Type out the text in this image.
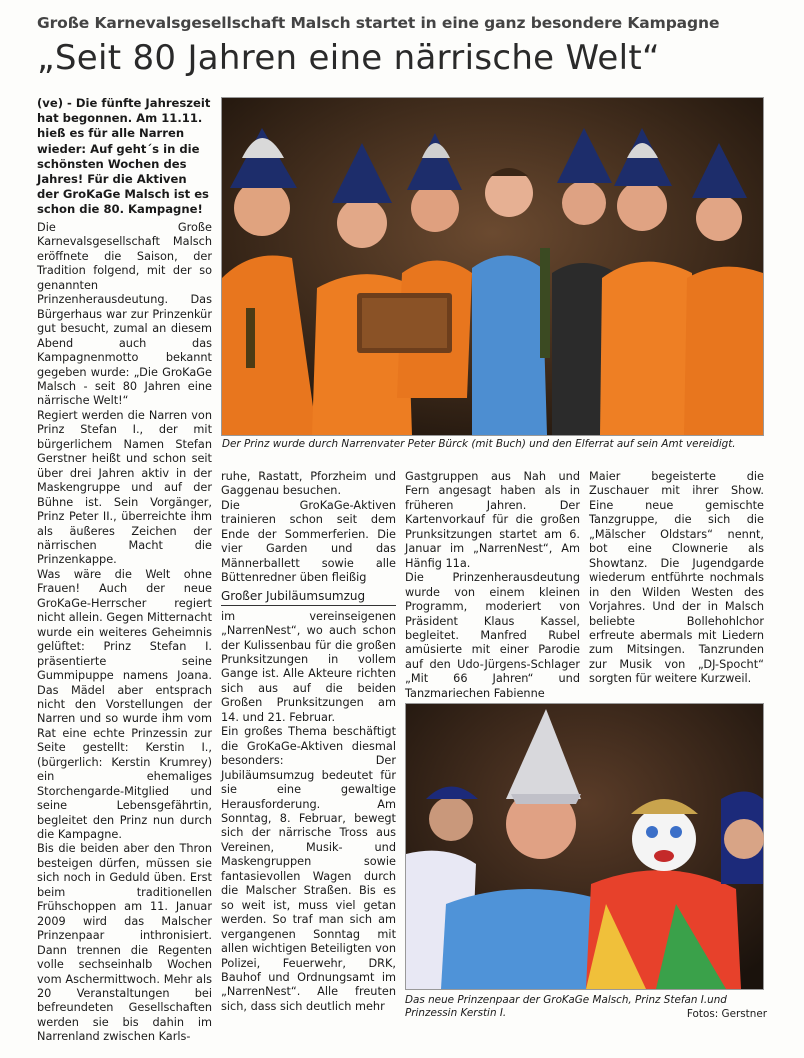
Große Karnevalsgesellschaft Malsch startet in eine ganz besondere Kampagne
„Seit 80 Jahren eine närrische Welt“

(ve) - Die fünfte Jahreszeit hat begonnen. Am 11.11. hieß es für alle Narren wieder: Auf geht´s in die schönsten Wochen des Jahres! Für die Aktiven der GroKaGe Malsch ist es schon die 80. Kampagne!

Die Große Karnevalsgesellschaft Malsch eröffnete die Saison, der Tradition folgend, mit der so genannten Prinzenherausdeutung. Das Bürgerhaus war zur Prinzenkür gut besucht, zumal an diesem Abend auch das Kampagnenmotto bekannt gegeben wurde: „Die GroKaGe Malsch - seit 80 Jahren eine närrische Welt!“

Regiert werden die Narren von Prinz Stefan I., der mit bürgerlichem Namen Stefan Gerstner heißt und schon seit über drei Jahren aktiv in der Maskengruppe und auf der Bühne ist. Sein Vorgänger, Prinz Peter II., überreichte ihm als äußeres Zeichen der närrischen Macht die Prinzenkappe.

Was wäre die Welt ohne Frauen! Auch der neue GroKaGe-Herrscher regiert nicht allein. Gegen Mitternacht wurde ein weiteres Geheimnis gelüftet: Prinz Stefan I. präsentierte seine Gummipuppe namens Joana. Das Mädel aber entsprach nicht den Vorstellungen der Narren und so wurde ihm vom Rat eine echte Prinzessin zur Seite gestellt: Kerstin I., (bürgerlich: Kerstin Krumrey) ein ehemaliges Storchengarde-Mitglied und seine Lebensgefährtin, begleitet den Prinz nun durch die Kampagne.

Bis die beiden aber den Thron besteigen dürfen, müssen sie sich noch in Geduld üben. Erst beim traditionellen Frühschoppen am 11. Januar 2009 wird das Malscher Prinzenpaar inthronisiert. Dann trennen die Regenten volle sechseinhalb Wochen vom Aschermittwoch. Mehr als 20 Veranstaltungen bei befreundeten Gesellschaften werden sie bis dahin im Narrenland zwischen Karls-

Der Prinz wurde durch Narrenvater Peter Bürck (mit Buch) und den Elferrat auf sein Amt vereidigt.

ruhe, Rastatt, Pforzheim und Gaggenau besuchen.

Die GroKaGe-Aktiven trainieren schon seit dem Ende der Sommerferien. Die vier Garden und das Männerballett sowie alle Büttenredner üben fleißig

Großer Jubiläumsumzug

im vereinseigenen „NarrenNest“, wo auch schon der Kulissenbau für die großen Prunksitzungen in vollem Gange ist. Alle Akteure richten sich aus auf die beiden Großen Prunksitzungen am 14. und 21. Februar.

Ein großes Thema beschäftigt die GroKaGe-Aktiven diesmal besonders: Der Jubiläumsumzug bedeutet für sie eine gewaltige Herausforderung. Am Sonntag, 8. Februar, bewegt sich der närrische Tross aus Vereinen, Musik- und Maskengruppen sowie fantasievollen Wagen durch die Malscher Straßen. Bis es so weit ist, muss viel getan werden. So traf man sich am vergangenen Sonntag mit allen wichtigen Beteiligten von Polizei, Feuerwehr, DRK, Bauhof und Ordnungsamt im „NarrenNest“. Alle freuten sich, dass sich deutlich mehr

Gastgruppen aus Nah und Fern angesagt haben als in früheren Jahren. Der Kartenvorkauf für die großen Prunksitzungen startet am 6. Januar im „NarrenNest“, Am Hänfig 11a.

Die Prinzenherausdeutung wurde von einem kleinen Programm, moderiert von Präsident Klaus Kassel, begleitet. Manfred Rubel amüsierte mit einer Parodie auf den Udo-Jürgens-Schlager „Mit 66 Jahren“ und Tanzmariechen Fabienne

Maier begeisterte die Zuschauer mit ihrer Show. Eine neue gemischte Tanzgruppe, die sich die „Mälscher Oldstars“ nennt, bot eine Clownerie als Showtanz. Die Jugendgarde wiederum entführte nochmals in den Wilden Westen des Vorjahres. Und der in Malsch beliebte Bollehohlchor erfreute abermals mit Liedern zum Mitsingen. Tanzrunden zur Musik von „DJ-Spocht“ sorgten für weitere Kurzweil.

Das neue Prinzenpaar der GroKaGe Malsch, Prinz Stefan I.und Prinzessin Kerstin I.	Fotos: Gerstner
